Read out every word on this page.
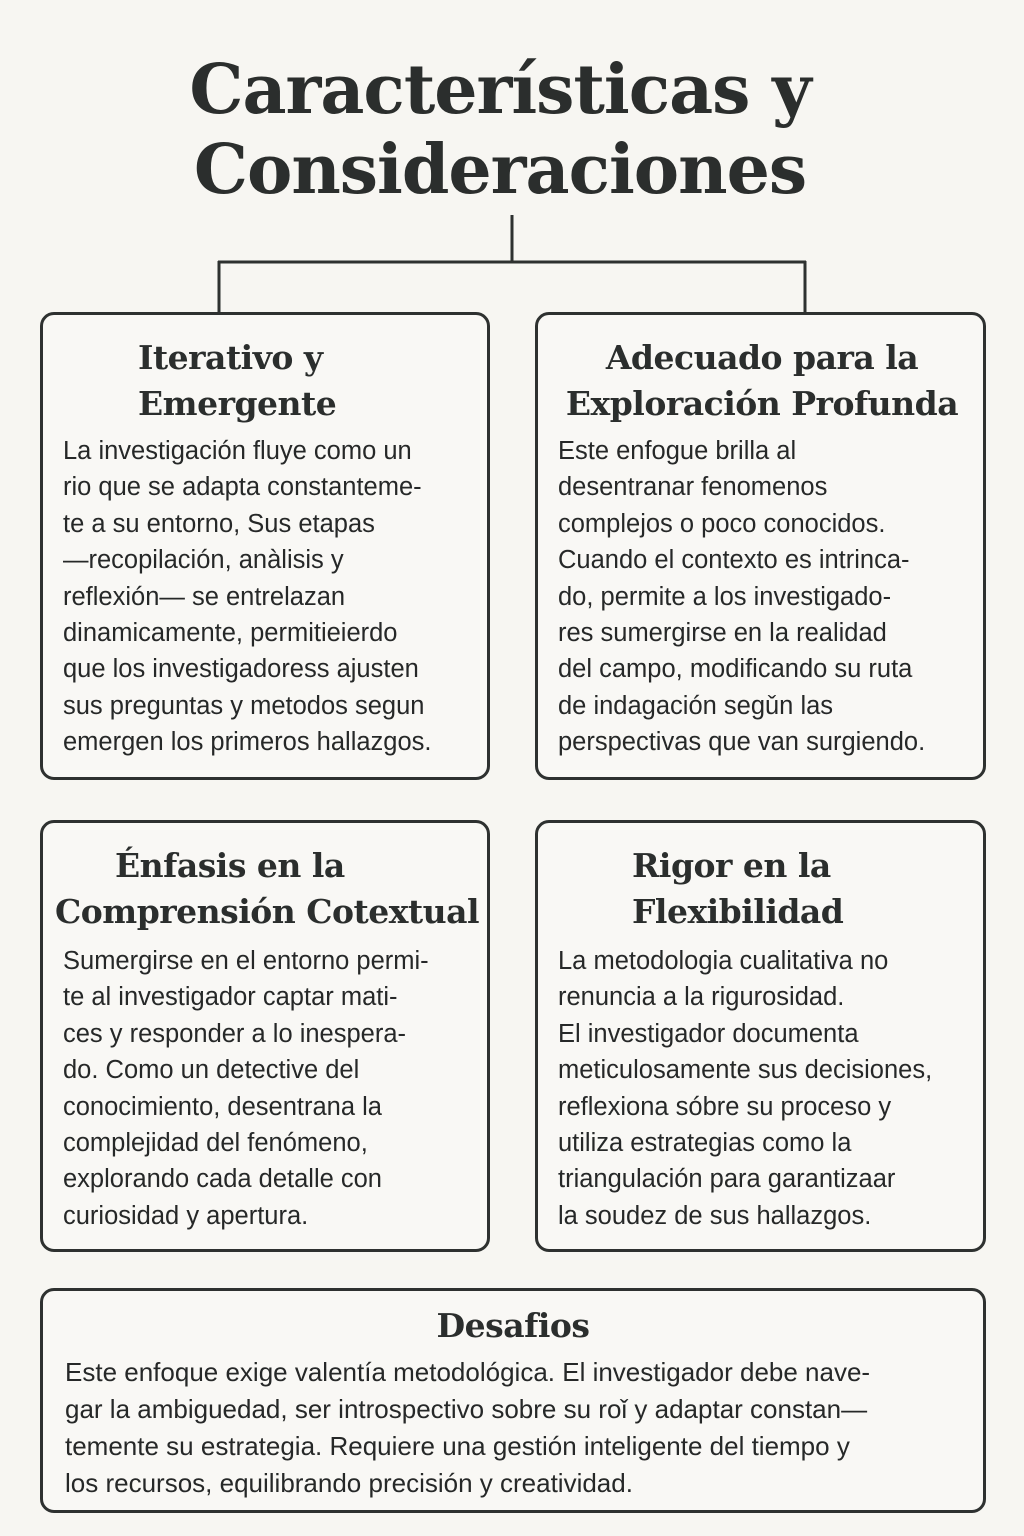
Características y
Consideraciones
Iterativo y
Emergente
La investigación fluye como un
rio que se adapta constanteme-
te a su entorno, Sus etapas
—recopilación, anàlisis y
reflexión— se entrelazan
dinamicamente, permitieierdo
que los investigadoress ajusten
sus preguntas y metodos segun
emergen los primeros hallazgos.
Adecuado para la
Exploración Profunda
Este enfogue brilla al
desentranar fenomenos
complejos o poco conocidos.
Cuando el contexto es intrinca-
do, permite a los investigado-
res sumergirse en la realidad
del campo, modificando su ruta
de indagación segǔn las
perspectivas que van surgiendo.
Énfasis en la
Comprensión Cotextual
Sumergirse en el entorno permi-
te al investigador captar mati-
ces y responder a lo inespera-
do. Como un detective del
conocimiento, desentrana la
complejidad del fenómeno,
explorando cada detalle con
curiosidad y apertura.
Rigor en la
Flexibilidad
La metodologia cualitativa no
renuncia a la rigurosidad.
El investigador documenta
meticulosamente sus decisiones,
reflexiona sóbre su proceso y
utiliza estrategias como la
triangulación para garantizaar
la soudez de sus hallazgos.
Desafios
Este enfoque exige valentía metodológica. El investigador debe nave-
gar la ambiguedad, ser introspectivo sobre su roǐ y adaptar constan—
temente su estrategia. Requiere una gestión inteligente del tiempo y
los recursos, equilibrando precisión y creatividad.
